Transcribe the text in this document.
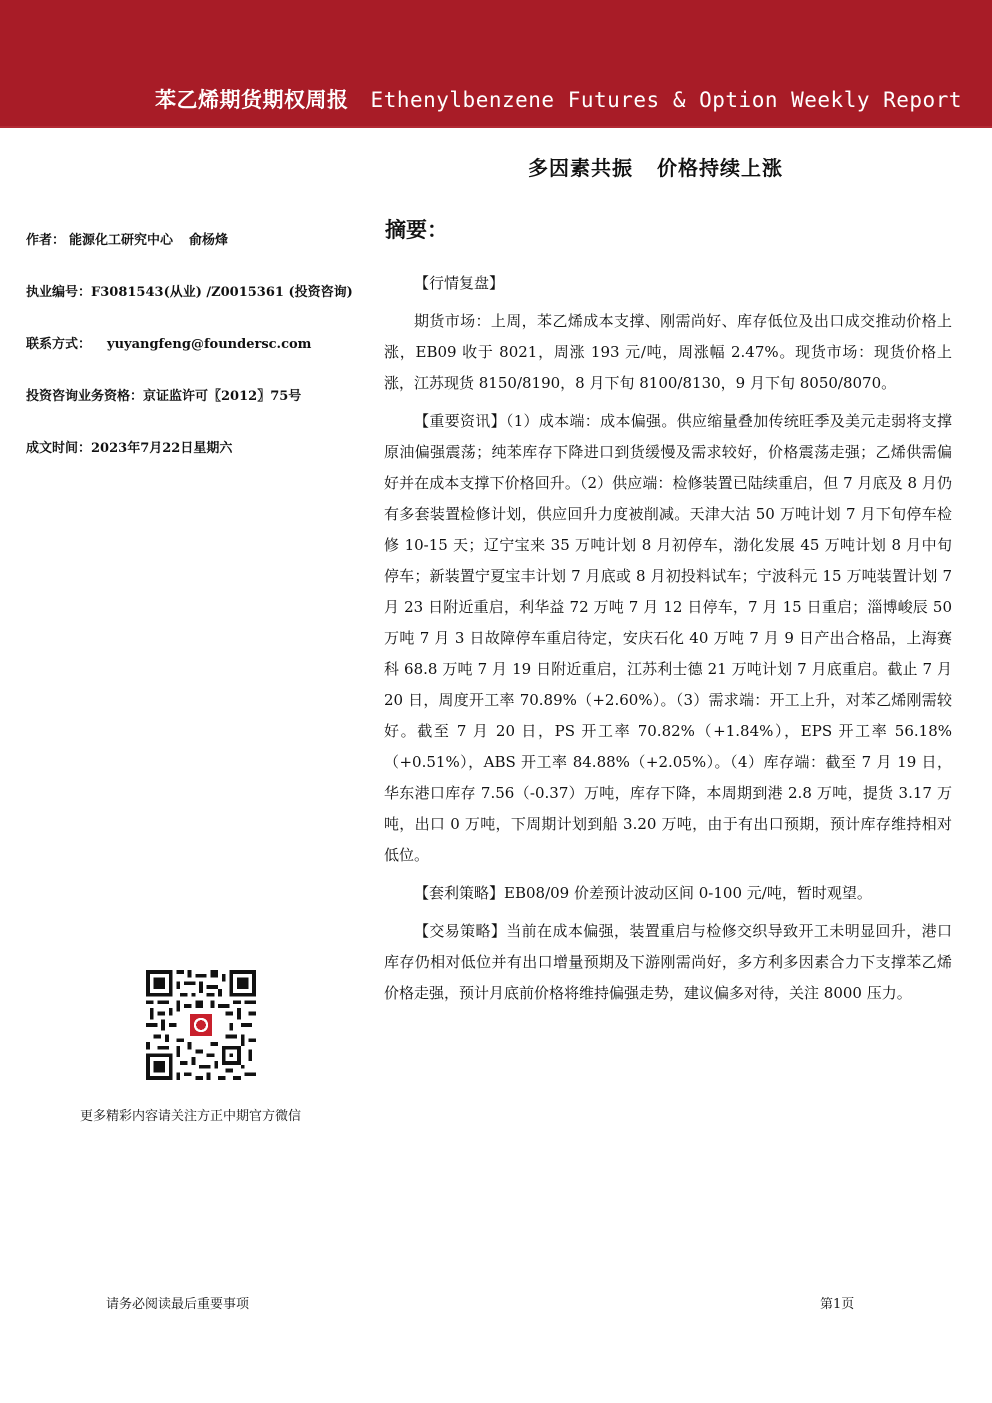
苯乙烯期货期权周报 Ethenylbenzene Futures & Option Weekly Report
多因素共振 价格持续上涨
作者： 能源化工研究中心 俞杨烽
执业编号：F3081543(从业) /Z0015361 (投资咨询)
联系方式： yuyangfeng@foundersc.com
投资咨询业务资格：京证监许可〖2012〗75号
成文时间：2023年7月22日星期六
更多精彩内容请关注方正中期官方微信
摘要：

【行情复盘】

期货市场：上周，苯乙烯成本支撑、刚需尚好、库存低位及出口成交推动价格上涨，EB09 收于 8021，周涨 193 元/吨，周涨幅 2.47%。现货市场：现货价格上涨，江苏现货 8150/8190，8 月下旬 8100/8130，9 月下旬 8050/8070。

【重要资讯】（1）成本端：成本偏强。供应缩量叠加传统旺季及美元走弱将支撑原油偏强震荡；纯苯库存下降进口到货缓慢及需求较好，价格震荡走强；乙烯供需偏好并在成本支撑下价格回升。（2）供应端：检修装置已陆续重启，但 7 月底及 8 月仍有多套装置检修计划，供应回升力度被削减。天津大沽 50 万吨计划 7 月下旬停车检修 10-15 天；辽宁宝来 35 万吨计划 8 月初停车，渤化发展 45 万吨计划 8 月中旬停车；新装置宁夏宝丰计划 7 月底或 8 月初投料试车；宁波科元 15 万吨装置计划 7 月 23 日附近重启，利华益 72 万吨 7 月 12 日停车，7 月 15 日重启；淄博峻辰 50 万吨 7 月 3 日故障停车重启待定，安庆石化 40 万吨 7 月 9 日产出合格品，上海赛科 68.8 万吨 7 月 19 日附近重启，江苏利士德 21 万吨计划 7 月底重启。截止 7 月 20 日，周度开工率 70.89%（+2.60%）。（3）需求端：开工上升，对苯乙烯刚需较好。截至 7 月 20 日，PS 开工率 70.82%（+1.84%），EPS 开工率 56.18%（+0.51%），ABS 开工率 84.88%（+2.05%）。（4）库存端：截至 7 月 19 日，华东港口库存 7.56（-0.37）万吨，库存下降，本周期到港 2.8 万吨，提货 3.17 万吨，出口 0 万吨，下周期计划到船 3.20 万吨，由于有出口预期，预计库存维持相对低位。

【套利策略】EB08/09 价差预计波动区间 0-100 元/吨，暂时观望。

【交易策略】当前在成本偏强，装置重启与检修交织导致开工未明显回升，港口库存仍相对低位并有出口增量预期及下游刚需尚好，多方利多因素合力下支撑苯乙烯价格走强，预计月底前价格将维持偏强走势，建议偏多对待，关注 8000 压力。

请务必阅读最后重要事项	第1页
